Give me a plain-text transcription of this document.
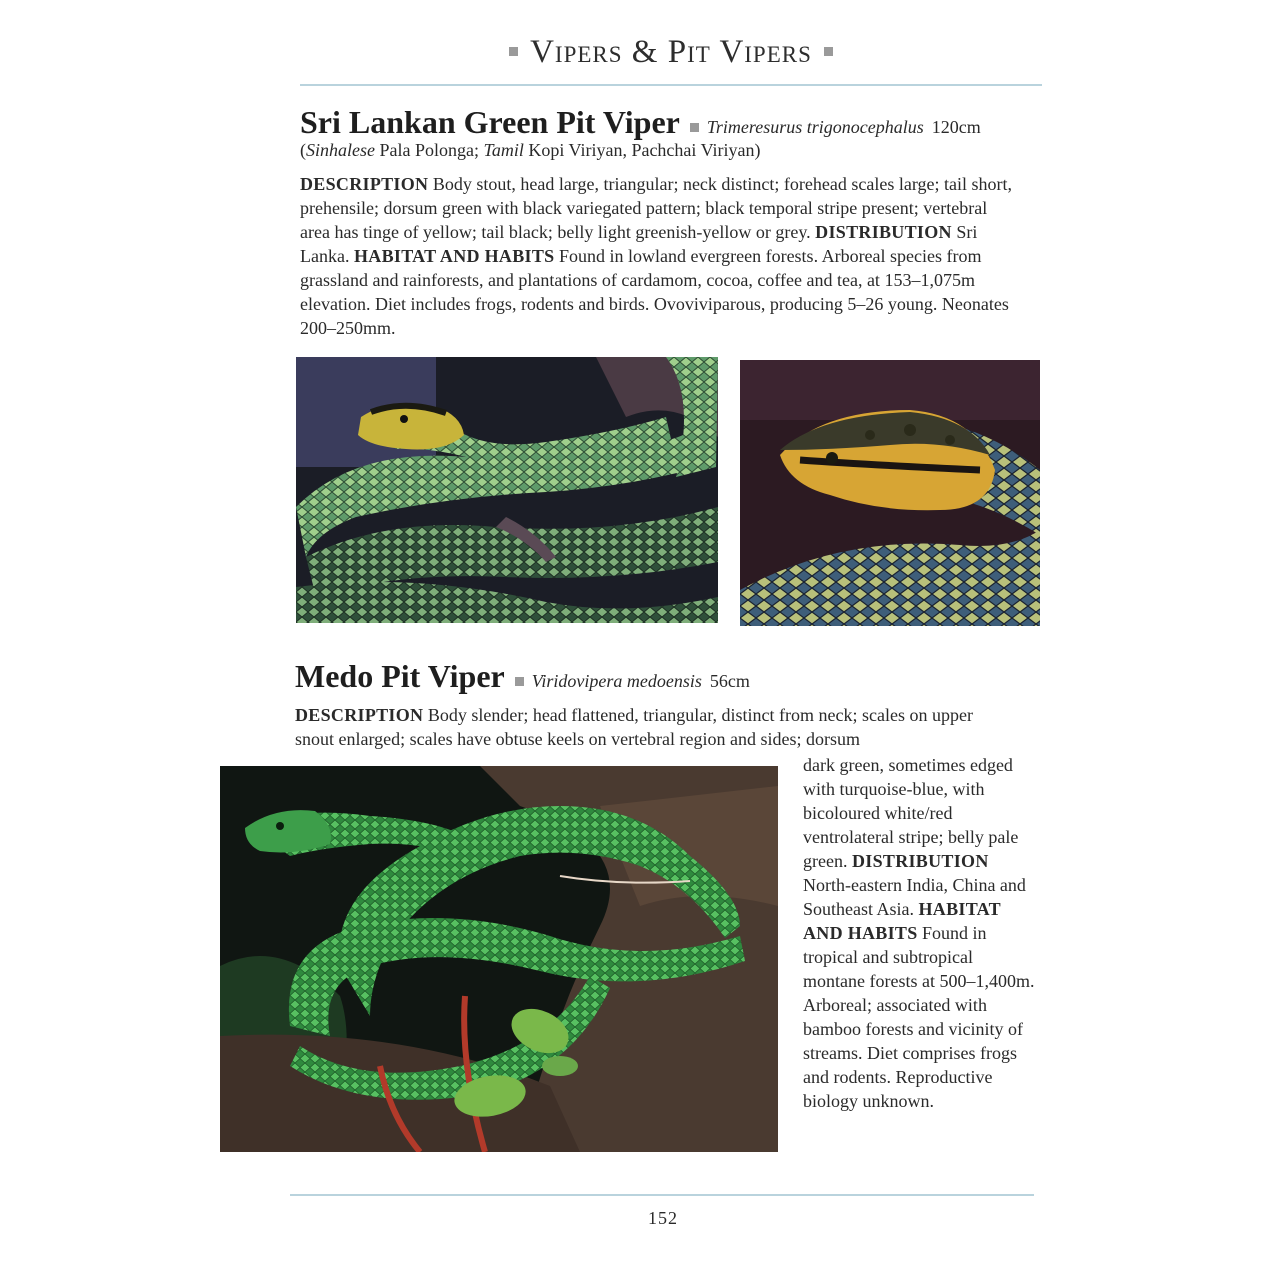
Vipers & Pit Vipers
Sri Lankan Green Pit Viper Trimeresurus trigonocephalus 120cm
(Sinhalese Pala Polonga; Tamil Kopi Viriyan, Pachchai Viriyan)

DESCRIPTION Body stout, head large, triangular; neck distinct; forehead scales large; tail short, prehensile; dorsum green with black variegated pattern; black temporal stripe present; vertebral area has tinge of yellow; tail black; belly light greenish-yellow or grey. DISTRIBUTION Sri Lanka. HABITAT AND HABITS Found in lowland evergreen forests. Arboreal species from grassland and rainforests, and plantations of cardamom, cocoa, coffee and tea, at 153–1,075m elevation. Diet includes frogs, rodents and birds. Ovoviviparous, producing 5–26 young. Neonates 200–250mm.

Medo Pit Viper Viridovipera medoensis 56cm

DESCRIPTION Body slender; head flattened, triangular, distinct from neck; scales on upper snout enlarged; scales have obtuse keels on vertebral region and sides; dorsum

dark green, sometimes edged with turquoise-blue, with bicoloured white/red ventrolateral stripe; belly pale green. DISTRIBUTION North-eastern India, China and Southeast Asia. HABITAT AND HABITS Found in tropical and subtropical montane forests at 500–1,400m. Arboreal; associated with bamboo forests and vicinity of streams. Diet comprises frogs and rodents. Reproductive biology unknown.

152
